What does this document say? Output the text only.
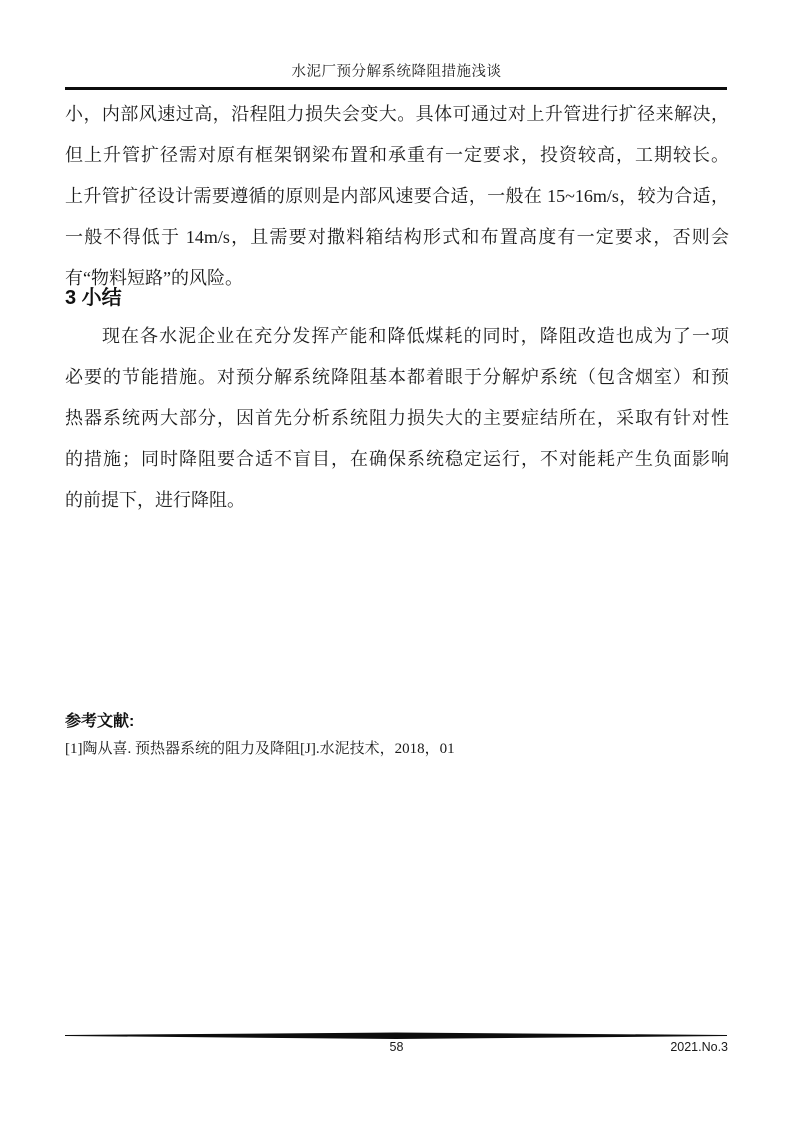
水泥厂预分解系统降阻措施浅谈
小，内部风速过高，沿程阻力损失会变大。具体可通过对上升管进行扩径来解决，
但上升管扩径需对原有框架钢梁布置和承重有一定要求，投资较高，工期较长。
上升管扩径设计需要遵循的原则是内部风速要合适，一般在 15~16m/s，较为合适，
一般不得低于 14m/s，且需要对撒料箱结构形式和布置高度有一定要求，否则会
有“物料短路”的风险。
3 小结
现在各水泥企业在充分发挥产能和降低煤耗的同时，降阻改造也成为了一项
必要的节能措施。对预分解系统降阻基本都着眼于分解炉系统（包含烟室）和预
热器系统两大部分，因首先分析系统阻力损失大的主要症结所在，采取有针对性
的措施；同时降阻要合适不盲目，在确保系统稳定运行，不对能耗产生负面影响
的前提下，进行降阻。
参考文献:
[1]陶从喜. 预热器系统的阻力及降阻[J].水泥技术，2018，01
58	2021.No.3
